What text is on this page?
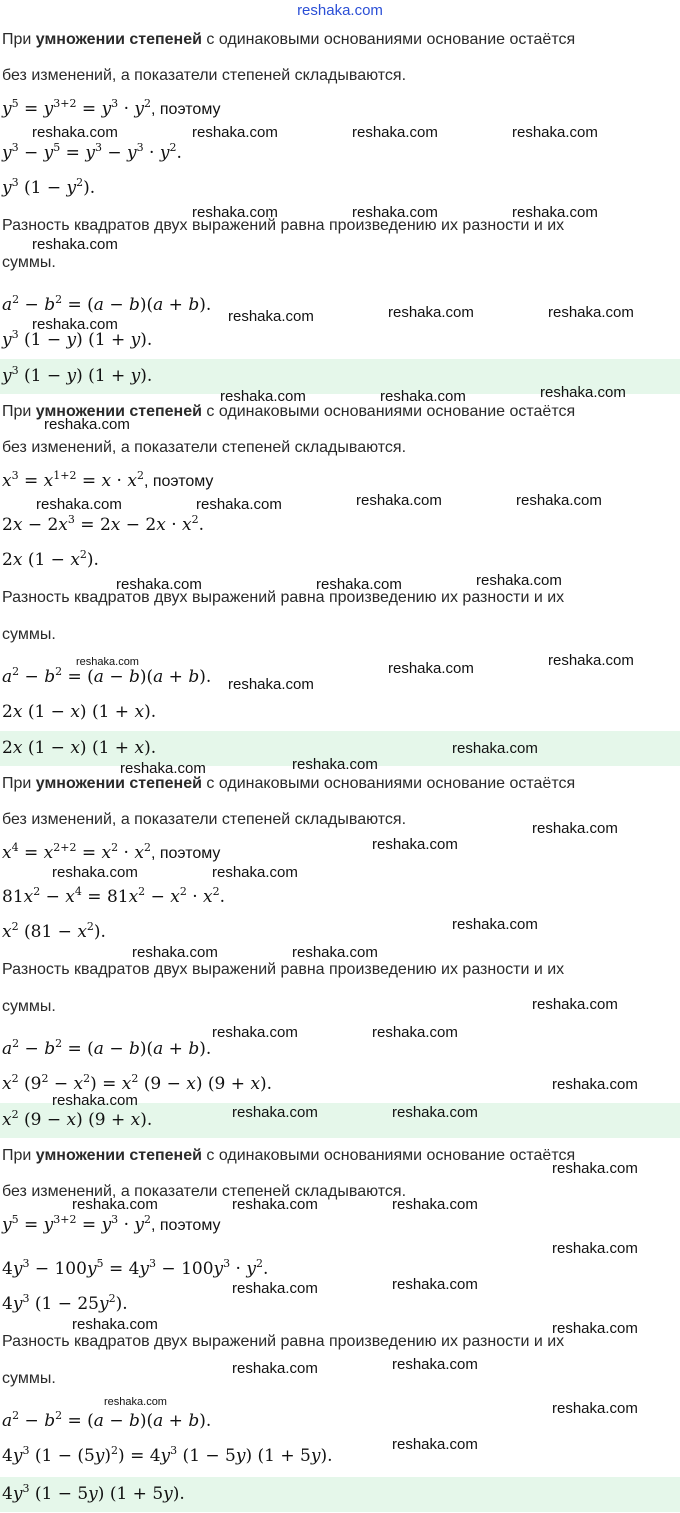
reshaka.com
При умножении степеней с одинаковыми основаниями основание остаётся
без изменений, а показатели степеней складываются.
$y^5 = y^{3+2} = y^3 \cdot y^2$, поэтому
$y^3 - y^5 = y^3 - y^3 \cdot y^2$.
$y^3$ $(1 - y^2)$.
Разность квадратов двух выражений равна произведению их разности и их
суммы.
$a^2 - b^2 = (a - b)(a + b)$.
$y^3$ (1 − y) (1 + y).
$y^3$ (1 − y) (1 + y).
При умножении степеней с одинаковыми основаниями основание остаётся
без изменений, а показатели степеней складываются.
$x^3 = x^{1+2} = x \cdot x^2$, поэтому
$2x - 2x^3 = 2x - 2x \cdot x^2$.
2x $(1 - x^2)$.
Разность квадратов двух выражений равна произведению их разности и их
суммы.
$a^2 - b^2 = (a - b)(a + b)$.
2x (1 − x) (1 + x).
2x (1 − x) (1 + x).
При умножении степеней с одинаковыми основаниями основание остаётся
без изменений, а показатели степеней складываются.
$x^4 = x^{2+2} = x^2 \cdot x^2$, поэтому
$81x^2 - x^4 = 81x^2 - x^2 \cdot x^2$.
$x^2$ $(81 - x^2)$.
Разность квадратов двух выражений равна произведению их разности и их
суммы.
$a^2 - b^2 = (a - b)(a + b)$.
$x^2$ $(9^2 - x^2) = x^2$ (9 − x) (9 + x).
$x^2$ (9 − x) (9 + x).
При умножении степеней с одинаковыми основаниями основание остаётся
без изменений, а показатели степеней складываются.
$y^5 = y^{3+2} = y^3 \cdot y^2$, поэтому
$4y^3 - 100y^5 = 4y^3 - 100y^3 \cdot y^2$.
$4y^3$ $(1 - 25y^2)$.
Разность квадратов двух выражений равна произведению их разности и их
суммы.
$a^2 - b^2 = (a - b)(a + b)$.
$4y^3$ $(1 - (5y)^2) = 4y^3$ (1 − 5y) (1 + 5y).
$4y^3$ (1 − 5y) (1 + 5y).
reshaka.com	reshaka.com	reshaka.com	reshaka.com
reshaka.com	reshaka.com	reshaka.com
reshaka.com
reshaka.com	reshaka.com	reshaka.com
reshaka.com
reshaka.com	reshaka.com	reshaka.com
reshaka.com
reshaka.com	reshaka.com	reshaka.com	reshaka.com
reshaka.com	reshaka.com	reshaka.com
reshaka.com	reshaka.com	reshaka.com
reshaka.com
reshaka.com
reshaka.com	reshaka.com
reshaka.com
reshaka.com
reshaka.com	reshaka.com
reshaka.com
reshaka.com	reshaka.com
reshaka.com
reshaka.com	reshaka.com
reshaka.com
reshaka.com
reshaka.com	reshaka.com
reshaka.com
reshaka.com	reshaka.com	reshaka.com
reshaka.com
reshaka.com	reshaka.com
reshaka.com	reshaka.com
reshaka.com	reshaka.com
reshaka.com	reshaka.com
reshaka.com
